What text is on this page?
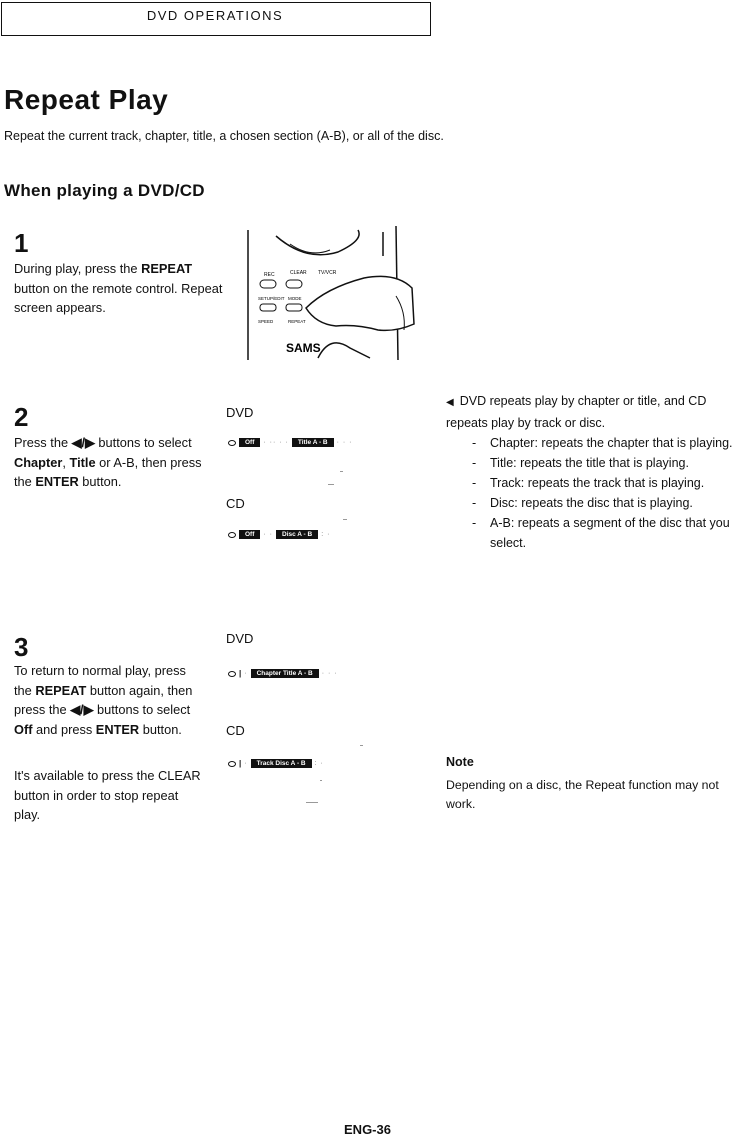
DVD OPERATIONS
Repeat Play
Repeat the current track, chapter, title, a chosen section (A-B), or all of the disc.
When playing a DVD/CD
1
During play, press the REPEAT button on the remote control. Repeat screen appears.
REC	CLEAR TV/VCR
SETUP/EDIT MODE
SPEED	REPEAT
SAMS
2
Press the ◀/▶ buttons to select Chapter, Title or A-B, then press the ENTER button.
DVD
Off	· ·· · ·	Title A - B	· · ·
CD
Off	· ·	Disc A - B	: ·
◀ DVD repeats play by chapter or title, and CD repeats play by track or disc.
- Chapter: repeats the chapter that is playing.
- Title: repeats the title that is playing.
- Track: repeats the track that is playing.
- Disc: repeats the disc that is playing.
- A-B: repeats a segment of the disc that you select.
3
To return to normal play, press the REPEAT button again, then press the ◀/▶ buttons to select Off and press ENTER button.
It's available to press the CLEAR button in order to stop repeat play.
DVD
| ·	Chapter Title A - B	· · ·
CD
| ·	Track Disc A - B	: ·	Note
Depending on a disc, the Repeat function may not work.
ENG-36
